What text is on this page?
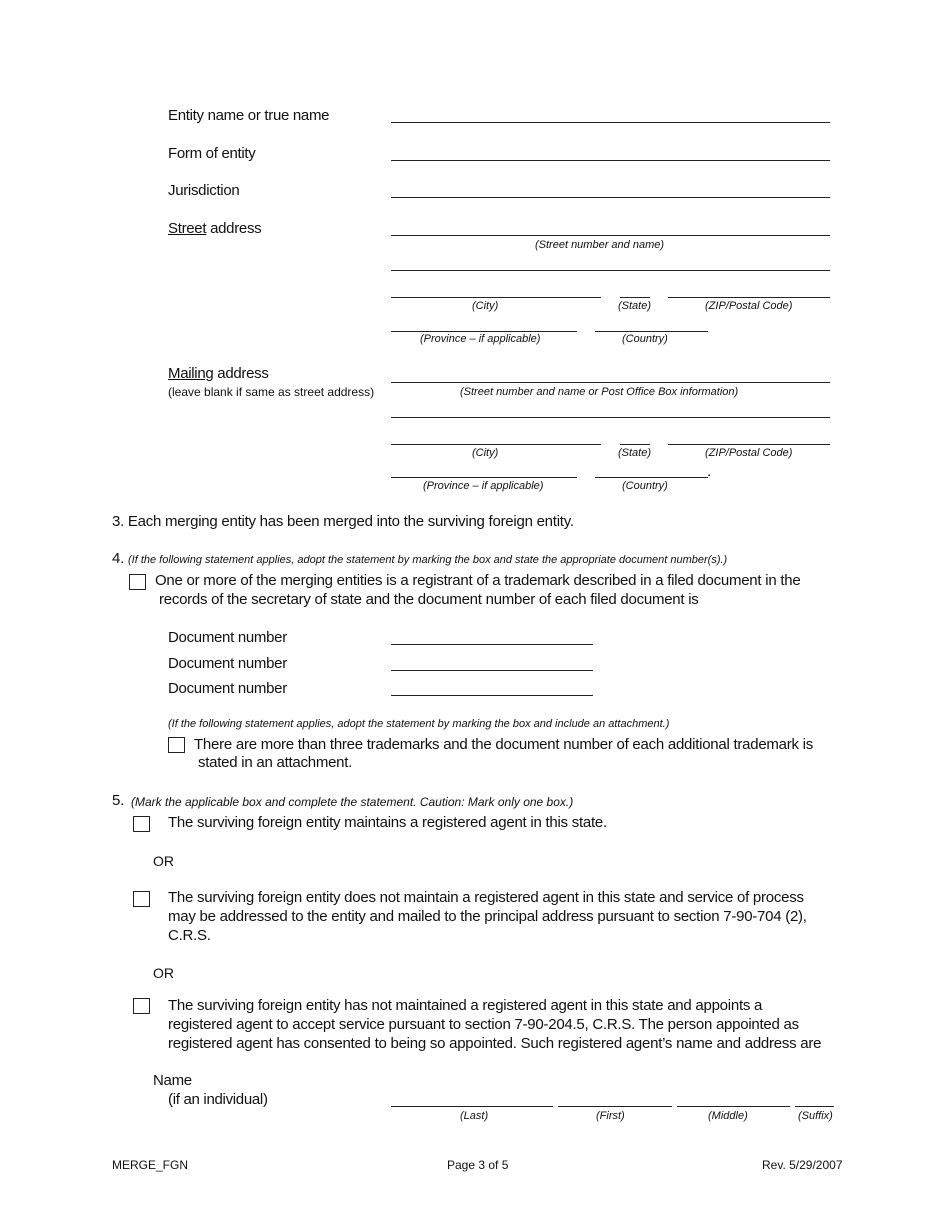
Entity name or true name
Form of entity
Jurisdiction
Street address
(Street number and name)
(City)	(State)	(ZIP/Postal Code)
(Province – if applicable)	(Country)
Mailing address
(leave blank if same as street address)	(Street number and name or Post Office Box information)
(City)	(State)	(ZIP/Postal Code)
.
(Province – if applicable)	(Country)
3. Each merging entity has been merged into the surviving foreign entity.
4. (If the following statement applies, adopt the statement by marking the box and state the appropriate document number(s).)
One or more of the merging entities is a registrant of a trademark described in a filed document in the
records of the secretary of state and the document number of each filed document is
Document number
Document number
Document number
(If the following statement applies, adopt the statement by marking the box and include an attachment.)
There are more than three trademarks and the document number of each additional trademark is
stated in an attachment.
5. (Mark the applicable box and complete the statement. Caution: Mark only one box.)
The surviving foreign entity maintains a registered agent in this state.
OR
The surviving foreign entity does not maintain a registered agent in this state and service of process
may be addressed to the entity and mailed to the principal address pursuant to section 7-90-704 (2),
C.R.S.
OR
The surviving foreign entity has not maintained a registered agent in this state and appoints a
registered agent to accept service pursuant to section 7-90-204.5, C.R.S. The person appointed as
registered agent has consented to being so appointed. Such registered agent’s name and address are
Name
(if an individual)
(Last)	(First)	(Middle)	(Suffix)
MERGE_FGN	Page 3 of 5	Rev. 5/29/2007
